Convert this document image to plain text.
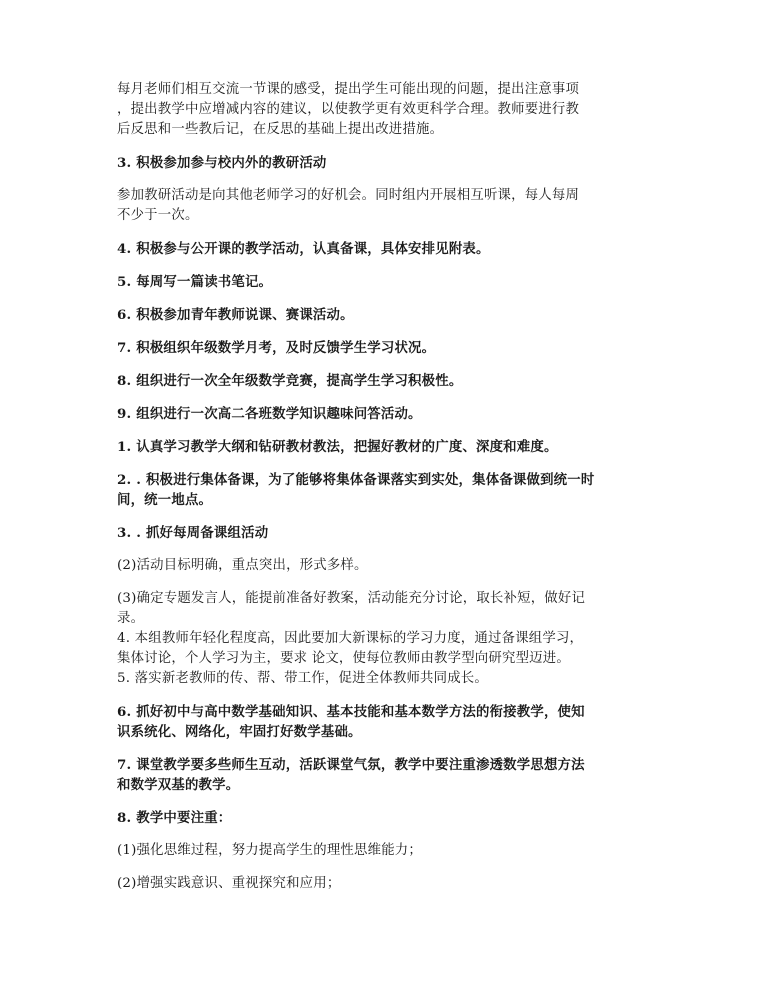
每月老师们相互交流一节课的感受，提出学生可能出现的问题，提出注意事项
，提出教学中应增减内容的建议，以使教学更有效更科学合理。教师要进行教
后反思和一些教后记，在反思的基础上提出改进措施。
3. 积极参加参与校内外的教研活动
参加教研活动是向其他老师学习的好机会。同时组内开展相互听课，每人每周
不少于一次。
4. 积极参与公开课的教学活动，认真备课，具体安排见附表。
5. 每周写一篇读书笔记。
6. 积极参加青年教师说课、赛课活动。
7. 积极组织年级数学月考，及时反馈学生学习状况。
8. 组织进行一次全年级数学竞赛，提高学生学习积极性。
9. 组织进行一次高二各班数学知识趣味问答活动。
1. 认真学习教学大纲和钻研教材教法，把握好教材的广度、深度和难度。
2. . 积极进行集体备课，为了能够将集体备课落实到实处，集体备课做到统一时
间，统一地点。
3. . 抓好每周备课组活动
(2)活动目标明确，重点突出，形式多样。
(3)确定专题发言人，能提前准备好教案，活动能充分讨论，取长补短，做好记
录。
4. 本组教师年轻化程度高，因此要加大新课标的学习力度，通过备课组学习，
集体讨论，个人学习为主，要求 论文，使每位教师由教学型向研究型迈进。
5. 落实新老教师的传、帮、带工作，促进全体教师共同成长。
6. 抓好初中与高中数学基础知识、基本技能和基本数学方法的衔接教学，使知
识系统化、网络化，牢固打好数学基础。
7. 课堂教学要多些师生互动，活跃课堂气氛，教学中要注重渗透数学思想方法
和数学双基的教学。
8. 教学中要注重：
(1)强化思维过程，努力提高学生的理性思维能力；
(2)增强实践意识、重视探究和应用；
